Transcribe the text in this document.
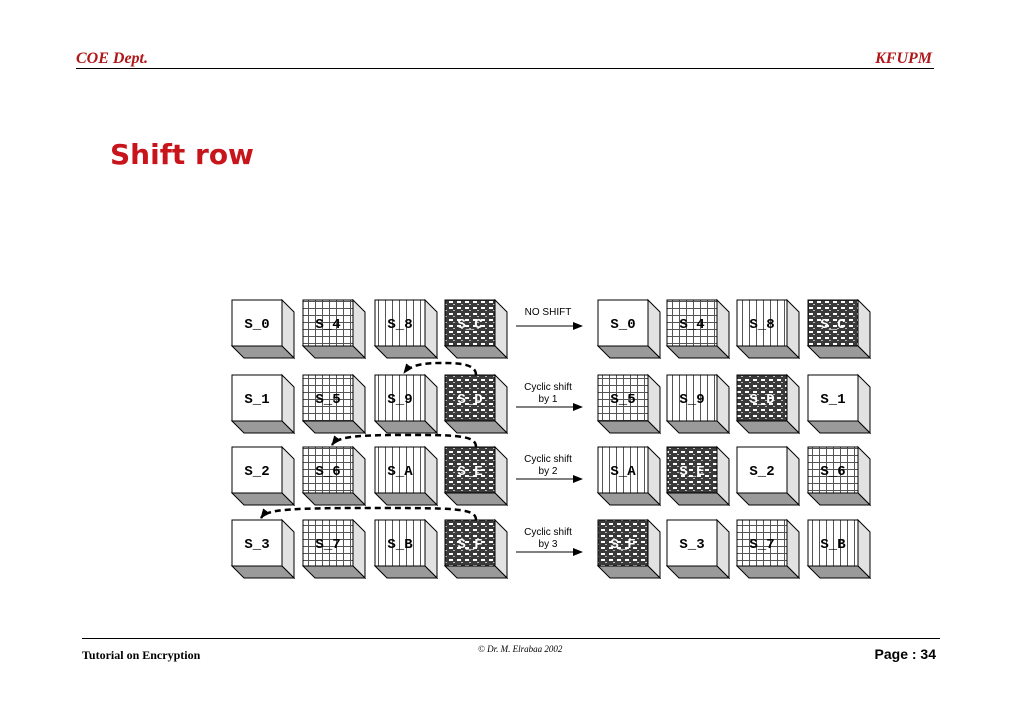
COE Dept.	KFUPM
Shift row
S_0	S_4	S_8	S_C
S_1	S_5	S_9	S_D
S_2	S_6	S_A	S_E
S_3	S_7	S_B	S_F
S_0	S_4	S_8	S_C
S_5	S_9	S_D	S_1
S_A	S_E	S_2	S_6
S_F	S_3	S_7	S_B
NO SHIFT
Cyclic shift
by 1
Cyclic shift
by 2
Cyclic shift
by 3
Tutorial on Encryption	© Dr. M. Elrabaa 2002	Page : 34
